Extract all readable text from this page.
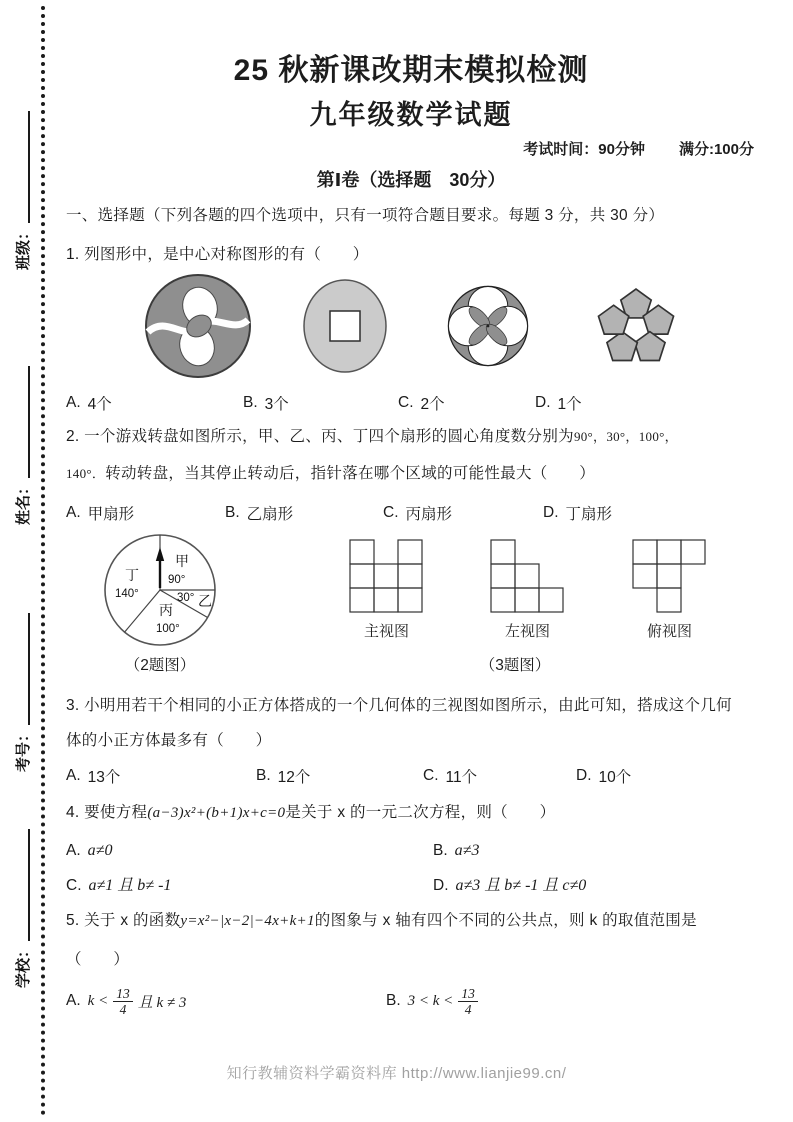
班级：
姓名：
考号：
学校：
25 秋新课改期末模拟检测
九年级数学试题
考试时间：90分钟 满分:100分
第Ⅰ卷（选择题　30分）
一、选择题（下列各题的四个选项中，只有一项符合题目要求。每题 3 分，共 30 分）
1. 列图形中，是中心对称图形的有（　　）
A. 4个	B. 3个	C. 2个	D. 1个
2. 一个游戏转盘如图所示，甲、乙、丙、丁四个扇形的圆心角度数分别为90°，30°，100°，
140°．转动转盘，当其停止转动后，指针落在哪个区域的可能性最大（　　）
A. 甲扇形	B. 乙扇形	C. 丙扇形	D. 丁扇形
甲
90°
乙
30°
丙
100°
丁
140°
主视图	左视图	俯视图
（2题图）	（3题图）
3. 小明用若干个相同的小正方体搭成的一个几何体的三视图如图所示，由此可知，搭成这个几何
体的小正方体最多有（　　）
A. 13个	B. 12个	C. 11个	D. 10个
4. 要使方程(a−3)x²+(b+1)x+c=0是关于 x 的一元二次方程，则（　　）
A. a≠0	B. a≠3
C. a≠1 且 b≠ -1	D. a≠3 且 b≠ -1 且 c≠0
5. 关于 x 的函数y=x²−|x−2|−4x+k+1的图象与 x 轴有四个不同的公共点，则 k 的取值范围是
（　　）
A. $k < \frac{13}{4}$ 且 k ≠ 3	B. $3 < k < \frac{13}{4}$
知行教辅资料学霸资料库 http://www.lianjie99.cn/
